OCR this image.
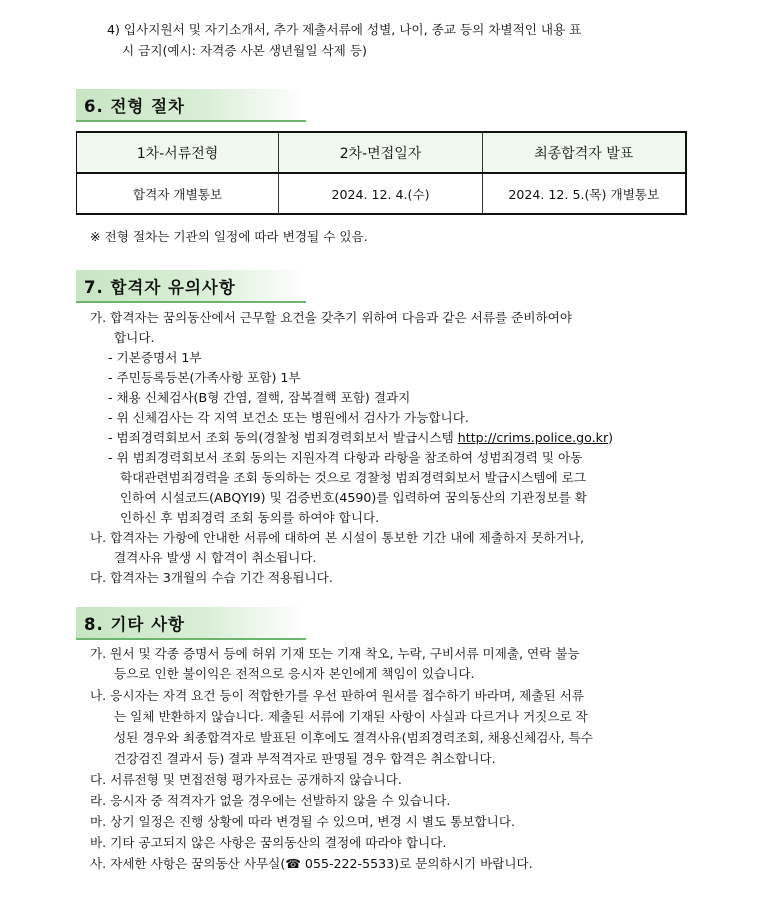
4) 입사지원서 및 자기소개서, 추가 제출서류에 성별, 나이, 종교 등의 차별적인 내용 표
시 금지(예시: 자격증 사본 생년월일 삭제 등)
6. 전형 절차
1차-서류전형	2차-면접일자	최종합격자 발표
합격자 개별통보	2024. 12. 4.(수)	2024. 12. 5.(목) 개별통보
※ 전형 절차는 기관의 일정에 따라 변경될 수 있음.
7. 합격자 유의사항
가. 합격자는 꿈의동산에서 근무할 요건을 갖추기 위하여 다음과 같은 서류를 준비하여야
합니다.
- 기본증명서 1부
- 주민등록등본(가족사항 포함) 1부
- 채용 신체검사(B형 간염, 결핵, 잠복결핵 포함) 결과지
- 위 신체검사는 각 지역 보건소 또는 병원에서 검사가 가능합니다.
- 범죄경력회보서 조회 동의(경찰청 범죄경력회보서 발급시스템 http://crims.police.go.kr)
- 위 범죄경력회보서 조회 동의는 지원자격 다항과 라항을 참조하여 성범죄경력 및 아동
학대관련범죄경력을 조회 동의하는 것으로 경찰청 범죄경력회보서 발급시스템에 로그
인하여 시설코드(ABQYI9) 및 검증번호(4590)를 입력하여 꿈의동산의 기관정보를 확
인하신 후 범죄경력 조회 동의를 하여야 합니다.
나. 합격자는 가항에 안내한 서류에 대하여 본 시설이 통보한 기간 내에 제출하지 못하거나,
결격사유 발생 시 합격이 취소됩니다.
다. 합격자는 3개월의 수습 기간 적용됩니다.
8. 기타 사항
가. 원서 및 각종 증명서 등에 허위 기재 또는 기재 착오, 누락, 구비서류 미제출, 연락 불능
등으로 인한 불이익은 전적으로 응시자 본인에게 책임이 있습니다.
나. 응시자는 자격 요건 등이 적합한가를 우선 판하여 원서를 접수하기 바라며, 제출된 서류
는 일체 반환하지 않습니다. 제출된 서류에 기재된 사항이 사실과 다르거나 거짓으로 작
성된 경우와 최종합격자로 발표된 이후에도 결격사유(범죄경력조회, 채용신체검사, 특수
건강검진 결과서 등) 결과 부적격자로 판명될 경우 합격은 취소합니다.
다. 서류전형 및 면접전형 평가자료는 공개하지 않습니다.
라. 응시자 중 적격자가 없을 경우에는 선발하지 않을 수 있습니다.
마. 상기 일정은 진행 상황에 따라 변경될 수 있으며, 변경 시 별도 통보합니다.
바. 기타 공고되지 않은 사항은 꿈의동산의 결정에 따라야 합니다.
사. 자세한 사항은 꿈의동산 사무실(☎ 055-222-5533)로 문의하시기 바랍니다.
